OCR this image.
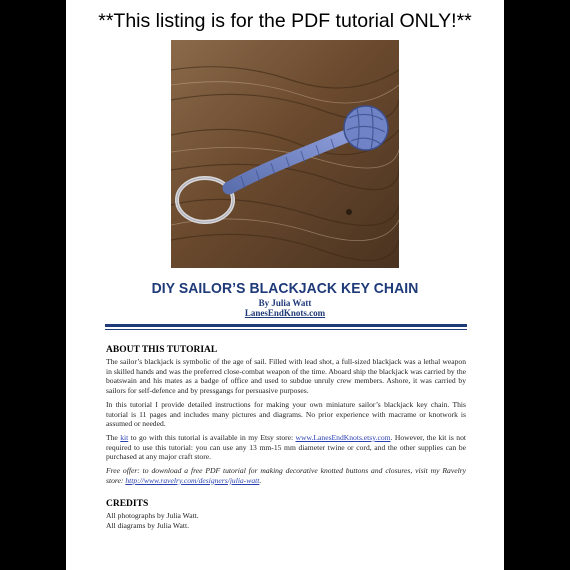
**This listing is for the PDF tutorial ONLY!**
DIY SAILOR’S BLACKJACK KEY CHAIN
By Julia Watt
LanesEndKnots.com
ABOUT THIS TUTORIAL
The sailor’s blackjack is symbolic of the age of sail. Filled with lead shot, a full-sized blackjack was a lethal weapon in skilled hands and was the preferred close-combat weapon of the time. Aboard ship the blackjack was carried by the boatswain and his mates as a badge of office and used to subdue unruly crew members. Ashore, it was carried by sailors for self-defence and by pressgangs for persuasive purposes.
In this tutorial I provide detailed instructions for making your own miniature sailor’s blackjack key chain. This tutorial is 11 pages and includes many pictures and diagrams. No prior experience with macrame or knotwork is assumed or needed.
The kit to go with this tutorial is available in my Etsy store: www.LanesEndKnots.etsy.com. However, the kit is not required to use this tutorial: you can use any 13 mm-15 mm diameter twine or cord, and the other supplies can be purchased at any major craft store.
Free offer: to download a free PDF tutorial for making decorative knotted buttons and closures, visit my Ravelry store: http://www.ravelry.com/designers/julia-watt.
CREDITS
All photographs by Julia Watt.
All diagrams by Julia Watt.
